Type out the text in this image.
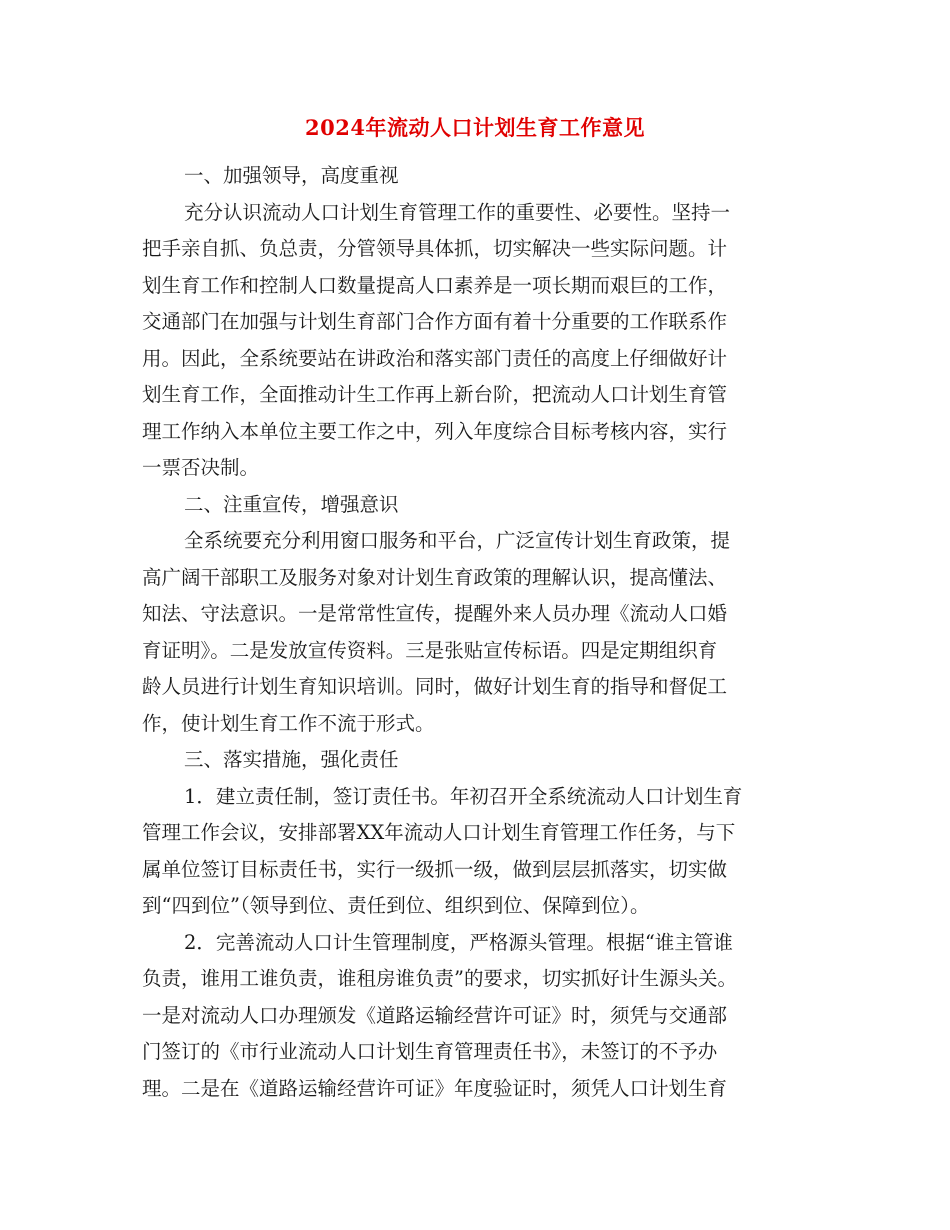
2024年流动人口计划生育工作意见

一、加强领导，高度重视

充分认识流动人口计划生育管理工作的重要性、必要性。坚持一

把手亲自抓、负总责，分管领导具体抓，切实解决一些实际问题。计

划生育工作和控制人口数量提高人口素养是一项长期而艰巨的工作，

交通部门在加强与计划生育部门合作方面有着十分重要的工作联系作

用。因此，全系统要站在讲政治和落实部门责任的高度上仔细做好计

划生育工作，全面推动计生工作再上新台阶，把流动人口计划生育管

理工作纳入本单位主要工作之中，列入年度综合目标考核内容，实行

一票否决制。

二、注重宣传，增强意识

全系统要充分利用窗口服务和平台，广泛宣传计划生育政策，提

高广阔干部职工及服务对象对计划生育政策的理解认识，提高懂法、

知法、守法意识。一是常常性宣传，提醒外来人员办理《流动人口婚

育证明》。二是发放宣传资料。三是张贴宣传标语。四是定期组织育

龄人员进行计划生育知识培训。同时，做好计划生育的指导和督促工

作，使计划生育工作不流于形式。

三、落实措施，强化责任

1．建立责任制，签订责任书。年初召开全系统流动人口计划生育

管理工作会议，安排部署XX年流动人口计划生育管理工作任务，与下

属单位签订目标责任书，实行一级抓一级，做到层层抓落实，切实做

到“四到位”（领导到位、责任到位、组织到位、保障到位）。

2．完善流动人口计生管理制度，严格源头管理。根据“谁主管谁

负责，谁用工谁负责，谁租房谁负责”的要求，切实抓好计生源头关。

一是对流动人口办理颁发《道路运输经营许可证》时，须凭与交通部

门签订的《市行业流动人口计划生育管理责任书》，未签订的不予办

理。二是在《道路运输经营许可证》年度验证时，须凭人口计划生育
